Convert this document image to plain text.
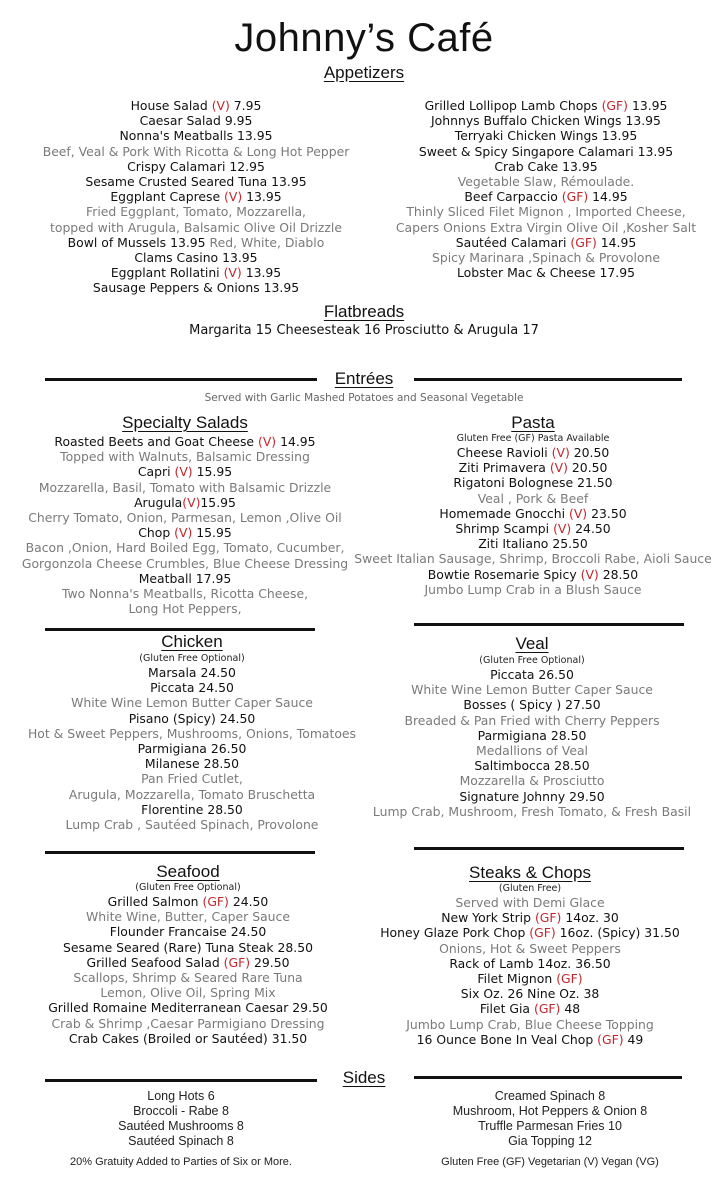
Johnny’s Café
Appetizers
House Salad (V) 7.95
Caesar Salad 9.95
Nonna's Meatballs 13.95
Beef, Veal & Pork With Ricotta & Long Hot Pepper
Crispy Calamari 12.95
Sesame Crusted Seared Tuna 13.95
Eggplant Caprese (V) 13.95
Fried Eggplant, Tomato, Mozzarella,
topped with Arugula, Balsamic Olive Oil Drizzle
Bowl of Mussels 13.95 Red, White, Diablo
Clams Casino 13.95
Eggplant Rollatini (V) 13.95
Sausage Peppers & Onions 13.95
Grilled Lollipop Lamb Chops (GF) 13.95
Johnnys Buffalo Chicken Wings 13.95
Terryaki Chicken Wings 13.95
Sweet & Spicy Singapore Calamari 13.95
Crab Cake 13.95
Vegetable Slaw, Rémoulade.
Beef Carpaccio (GF) 14.95
Thinly Sliced Filet Mignon , Imported Cheese,
Capers Onions Extra Virgin Olive Oil ,Kosher Salt
Sautéed Calamari (GF) 14.95
Spicy Marinara ,Spinach & Provolone
Lobster Mac & Cheese 17.95
Flatbreads
Margarita 15 Cheesesteak 16 Prosciutto & Arugula 17
Entrées
Served with Garlic Mashed Potatoes and Seasonal Vegetable
Specialty Salads
Roasted Beets and Goat Cheese (V) 14.95
Topped with Walnuts, Balsamic Dressing
Capri (V) 15.95
Mozzarella, Basil, Tomato with Balsamic Drizzle
Arugula(V)15.95
Cherry Tomato, Onion, Parmesan, Lemon ,Olive Oil
Chop (V) 15.95
Bacon ,Onion, Hard Boiled Egg, Tomato, Cucumber,
Gorgonzola Cheese Crumbles, Blue Cheese Dressing
Meatball 17.95
Two Nonna's Meatballs, Ricotta Cheese,
Long Hot Peppers,
Pasta
Gluten Free (GF) Pasta Available
Cheese Ravioli (V) 20.50
Ziti Primavera (V) 20.50
Rigatoni Bolognese 21.50
Veal , Pork & Beef
Homemade Gnocchi (V) 23.50
Shrimp Scampi (V) 24.50
Ziti Italiano 25.50
Sweet Italian Sausage, Shrimp, Broccoli Rabe, Aioli Sauce
Bowtie Rosemarie Spicy (V) 28.50
Jumbo Lump Crab in a Blush Sauce
Chicken
(Gluten Free Optional)
Marsala 24.50
Piccata 24.50
White Wine Lemon Butter Caper Sauce
Pisano (Spicy) 24.50
Hot & Sweet Peppers, Mushrooms, Onions, Tomatoes
Parmigiana 26.50
Milanese 28.50
Pan Fried Cutlet,
Arugula, Mozzarella, Tomato Bruschetta
Florentine 28.50
Lump Crab , Sautéed Spinach, Provolone
Veal
(Gluten Free Optional)
Piccata 26.50
White Wine Lemon Butter Caper Sauce
Bosses ( Spicy ) 27.50
Breaded & Pan Fried with Cherry Peppers
Parmigiana 28.50
Medallions of Veal
Saltimbocca 28.50
Mozzarella & Prosciutto
Signature Johnny 29.50
Lump Crab, Mushroom, Fresh Tomato, & Fresh Basil
Seafood
(Gluten Free Optional)
Grilled Salmon (GF) 24.50
White Wine, Butter, Caper Sauce
Flounder Francaise 24.50
Sesame Seared (Rare) Tuna Steak 28.50
Grilled Seafood Salad (GF) 29.50
Scallops, Shrimp & Seared Rare Tuna
Lemon, Olive Oil, Spring Mix
Grilled Romaine Mediterranean Caesar 29.50
Crab & Shrimp ,Caesar Parmigiano Dressing
Crab Cakes (Broiled or Sautéed) 31.50
Steaks & Chops
(Gluten Free)
Served with Demi Glace
New York Strip (GF) 14oz. 30
Honey Glaze Pork Chop (GF) 16oz. (Spicy) 31.50
Onions, Hot & Sweet Peppers
Rack of Lamb 14oz. 36.50
Filet Mignon (GF)
Six Oz. 26 Nine Oz. 38
Filet Gia (GF) 48
Jumbo Lump Crab, Blue Cheese Topping
16 Ounce Bone In Veal Chop (GF) 49
Sides
Long Hots 6
Broccoli - Rabe 8
Sautéed Mushrooms 8
Sautéed Spinach 8
Creamed Spinach 8
Mushroom, Hot Peppers & Onion 8
Truffle Parmesan Fries 10
Gia Topping 12
20% Gratuity Added to Parties of Six or More.	Gluten Free (GF) Vegetarian (V) Vegan (VG)
